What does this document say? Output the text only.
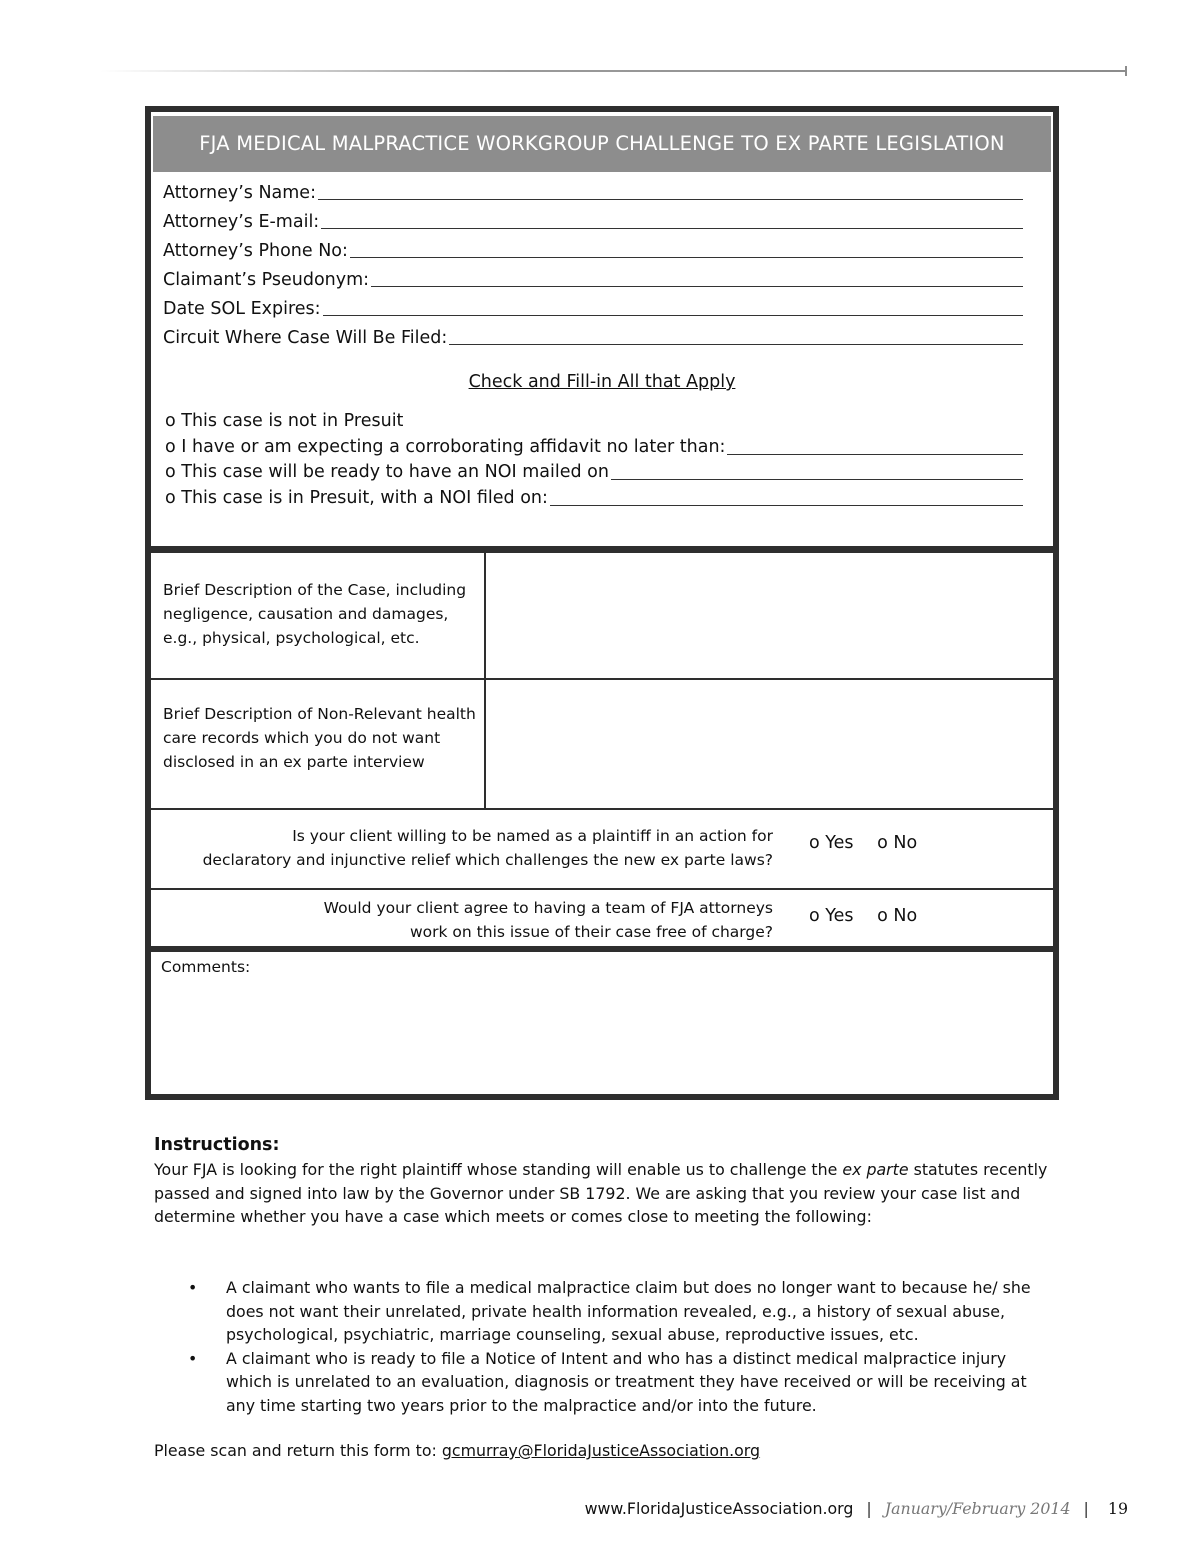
FJA MEDICAL MALPRACTICE WORKGROUP CHALLENGE TO EX PARTE LEGISLATION
Attorney’s Name:
Attorney’s E-mail:
Attorney’s Phone No:
Claimant’s Pseudonym:
Date SOL Expires:
Circuit Where Case Will Be Filed:
Check and Fill-in All that Apply
o This case is not in Presuit
o I have or am expecting a corroborating affidavit no later than:
o This case will be ready to have an NOI mailed on
o This case is in Presuit, with a NOI filed on:
Brief Description of the Case, including negligence, causation and damages, e.g., physical, psychological, etc.
Brief Description of Non-Relevant health care records which you do not want disclosed in an ex parte interview
Is your client willing to be named as a plaintiff in an action for
declaratory and injunctive relief which challenges the new ex parte laws?
o Yes o No
Would your client agree to having a team of FJA attorneys
work on this issue of their case free of charge?
o Yes o No
Comments:
Instructions:
Your FJA is looking for the right plaintiff whose standing will enable us to challenge the ex parte statutes recently passed and signed into law by the Governor under SB 1792. We are asking that you review your case list and determine whether you have a case which meets or comes close to meeting the following:
• A claimant who wants to file a medical malpractice claim but does no longer want to because he/ she does not want their unrelated, private health information revealed, e.g., a history of sexual abuse, psychological, psychiatric, marriage counseling, sexual abuse, reproductive issues, etc.
• A claimant who is ready to file a Notice of Intent and who has a distinct medical malpractice injury which is unrelated to an evaluation, diagnosis or treatment they have received or will be receiving at any time starting two years prior to the malpractice and/or into the future.
Please scan and return this form to: gcmurray@FloridaJusticeAssociation.org
www.FloridaJusticeAssociation.org | January/February 2014 | 19
